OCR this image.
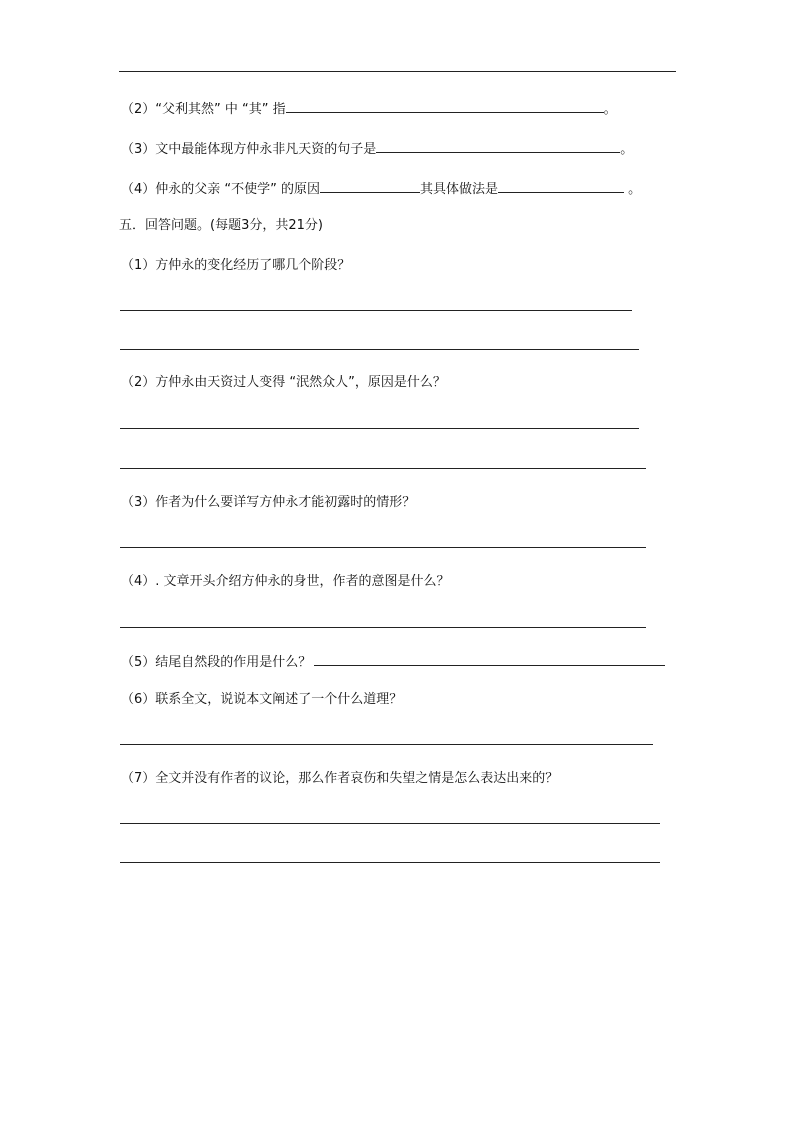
（2）“父利其然” 中 “其” 指	。
（3）文中最能体现方仲永非凡天资的句子是	。
（4）仲永的父亲 “不使学” 的原因	其具体做法是	。
五．回答问题。(每题3分，共21分)
（1）方仲永的变化经历了哪几个阶段？
（2）方仲永由天资过人变得 “泯然众人”，原因是什么？
（3）作者为什么要详写方仲永才能初露时的情形？
（4）. 文章开头介绍方仲永的身世，作者的意图是什么？
（5）结尾自然段的作用是什么？
（6）联系全文，说说本文阐述了一个什么道理？
（7）全文并没有作者的议论，那么作者哀伤和失望之情是怎么表达出来的？
